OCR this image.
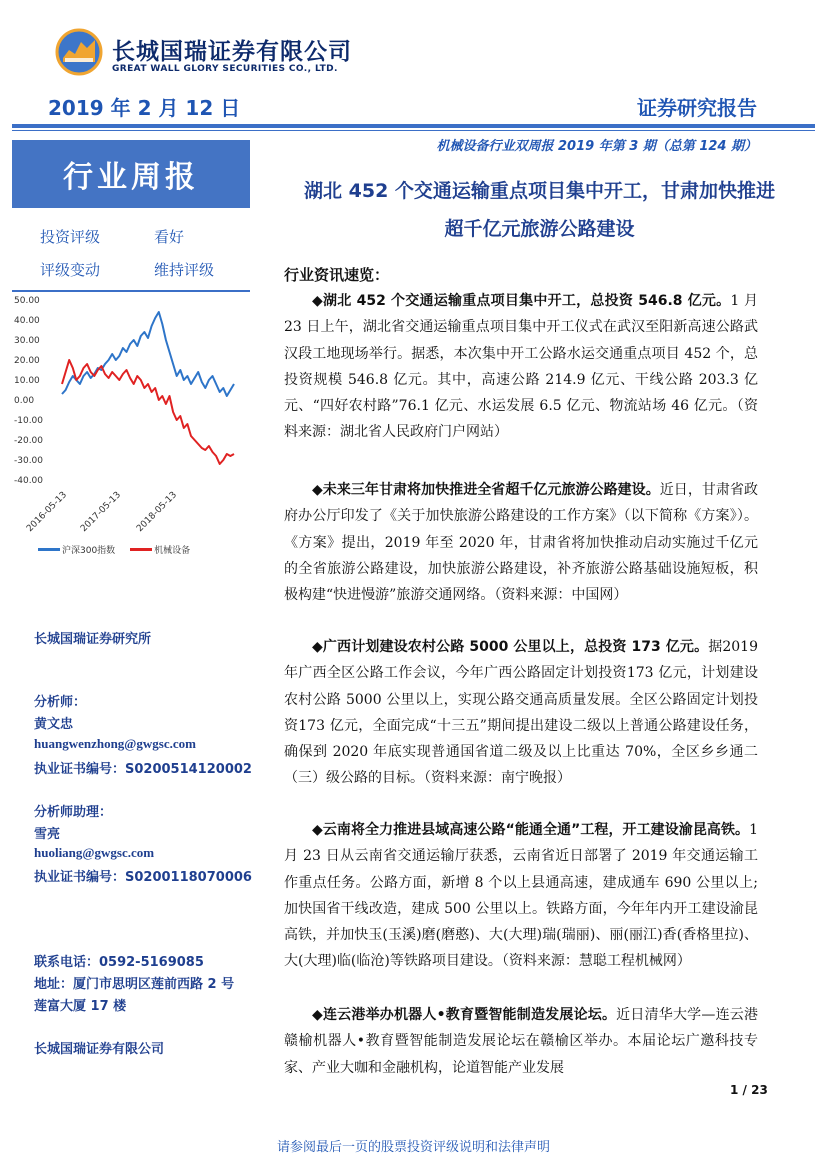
长城国瑞证券有限公司
GREAT WALL GLORY SECURITIES CO., LTD.
2019 年 2 月 12 日	证券研究报告
机械设备行业双周报 2019 年第 3 期（总第 124 期）
行业周报
投资评级	看好
评级变动	维持评级
50.00
40.00
30.00
20.00
10.00
0.00
-10.00
-20.00
-30.00
-40.00
2016-05-13 2017-05-13 2018-05-13
沪深300指数
	机械设备
长城国瑞证券研究所
分析师：
黄文忠
huangwenzhong@gwgsc.com
执业证书编号：S0200514120002
分析师助理：
雪亮
huoliang@gwgsc.com
执业证书编号：S0200118070006
联系电话：0592-5169085
地址：厦门市思明区莲前西路 2 号
莲富大厦 17 楼
长城国瑞证券有限公司
湖北 452 个交通运输重点项目集中开工，甘肃加快推进
超千亿元旅游公路建设
行业资讯速览：
◆湖北 452 个交通运输重点项目集中开工，总投资 546.8 亿元。1 月 23 日上午，湖北省交通运输重点项目集中开工仪式在武汉至阳新高速公路武汉段工地现场举行。据悉，本次集中开工公路水运交通重点项目 452 个，总投资规模 546.8 亿元。其中，高速公路 214.9 亿元、干线公路 203.3 亿元、“四好农村路”76.1 亿元、水运发展 6.5 亿元、物流站场 46 亿元。（资料来源：湖北省人民政府门户网站）
◆未来三年甘肃将加快推进全省超千亿元旅游公路建设。近日，甘肃省政府办公厅印发了《关于加快旅游公路建设的工作方案》（以下简称《方案》）。《方案》提出，2019 年至 2020 年，甘肃省将加快推动启动实施过千亿元的全省旅游公路建设，加快旅游公路建设，补齐旅游公路基础设施短板，积极构建“快进慢游”旅游交通网络。（资料来源：中国网）
◆广西计划建设农村公路 5000 公里以上，总投资 173 亿元。据2019 年广西全区公路工作会议，今年广西公路固定计划投资173 亿元，计划建设农村公路 5000 公里以上，实现公路交通高质量发展。全区公路固定计划投资173 亿元，全面完成“十三五”期间提出建设二级以上普通公路建设任务，确保到 2020 年底实现普通国省道二级及以上比重达 70%，全区乡乡通二（三）级公路的目标。（资料来源：南宁晚报）
◆云南将全力推进县域高速公路“能通全通”工程，开工建设渝昆高铁。1 月 23 日从云南省交通运输厅获悉，云南省近日部署了 2019 年交通运输工作重点任务。公路方面，新增 8 个以上县通高速，建成通车 690 公里以上;加快国省干线改造，建成 500 公里以上。铁路方面，今年年内开工建设渝昆高铁，并加快玉(玉溪)磨(磨憨)、大(大理)瑞(瑞丽)、丽(丽江)香(香格里拉)、大(大理)临(临沧)等铁路项目建设。（资料来源：慧聪工程机械网）
◆连云港举办机器人•教育暨智能制造发展论坛。近日清华大学—连云港赣榆机器人•教育暨智能制造发展论坛在赣榆区举办。本届论坛广邀科技专家、产业大咖和金融机构，论道智能产业发展
1 / 23
请参阅最后一页的股票投资评级说明和法律声明
